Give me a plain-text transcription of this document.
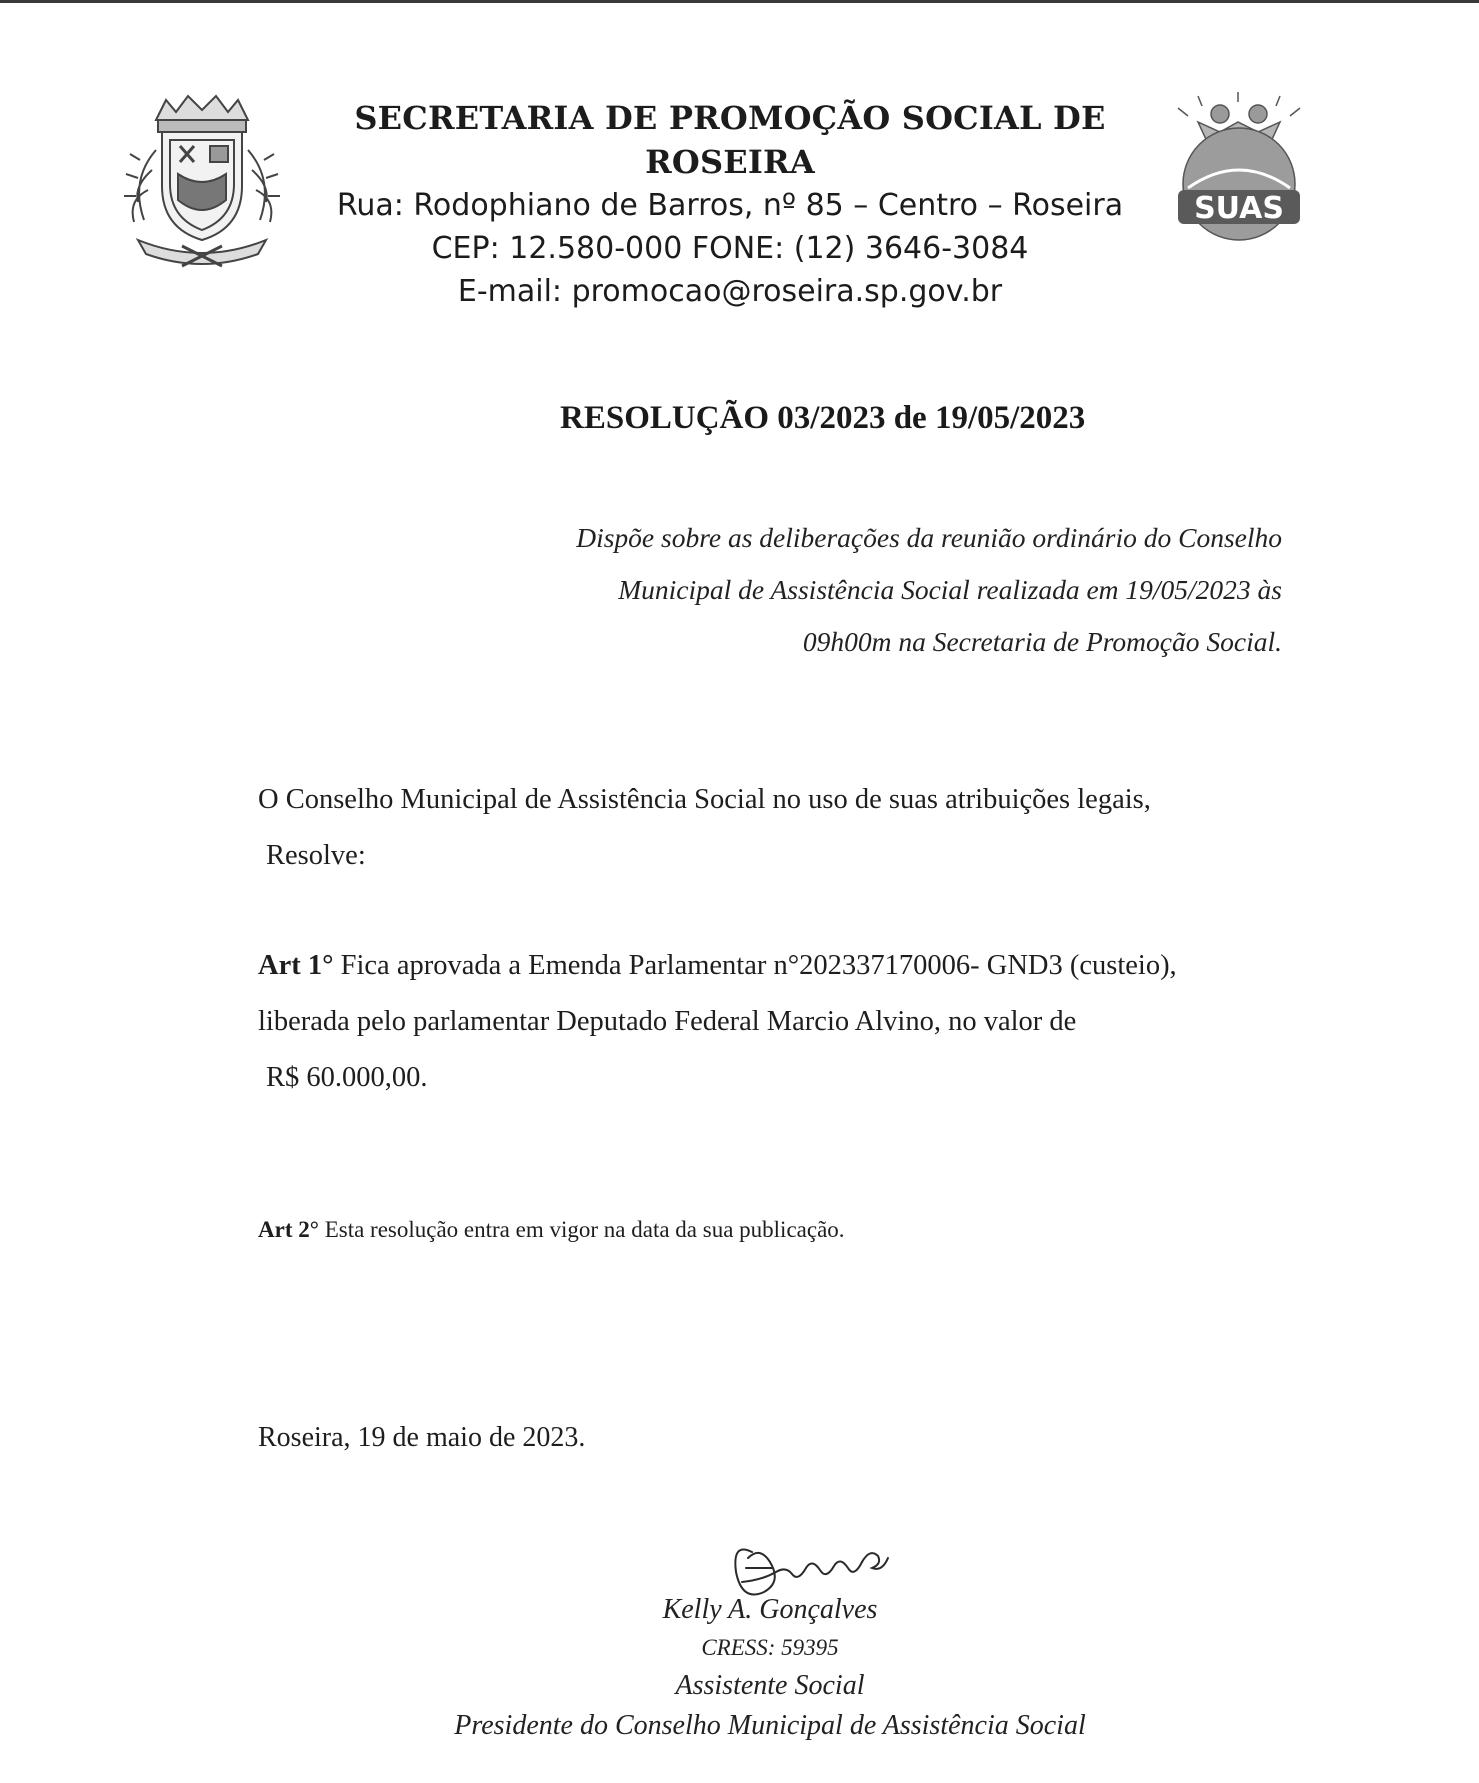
SECRETARIA DE PROMOÇÃO SOCIAL DE ROSEIRA
Rua: Rodophiano de Barros, nº 85 – Centro – Roseira
CEP: 12.580-000 FONE: (12) 3646-3084
E-mail: promocao@roseira.sp.gov.br
SUAS
RESOLUÇÃO 03/2023 de 19/05/2023
Dispõe sobre as deliberações da reunião ordinário do Conselho
Municipal de Assistência Social realizada em 19/05/2023 às
09h00m na Secretaria de Promoção Social.
O Conselho Municipal de Assistência Social no uso de suas atribuições legais,
Resolve:
Art 1° Fica aprovada a Emenda Parlamentar n°202337170006- GND3 (custeio),
liberada pelo parlamentar Deputado Federal Marcio Alvino, no valor de
R$ 60.000,00.
Art 2° Esta resolução entra em vigor na data da sua publicação.
Roseira, 19 de maio de 2023.
Kelly A. Gonçalves
CRESS: 59395
Assistente Social
Presidente do Conselho Municipal de Assistência Social
